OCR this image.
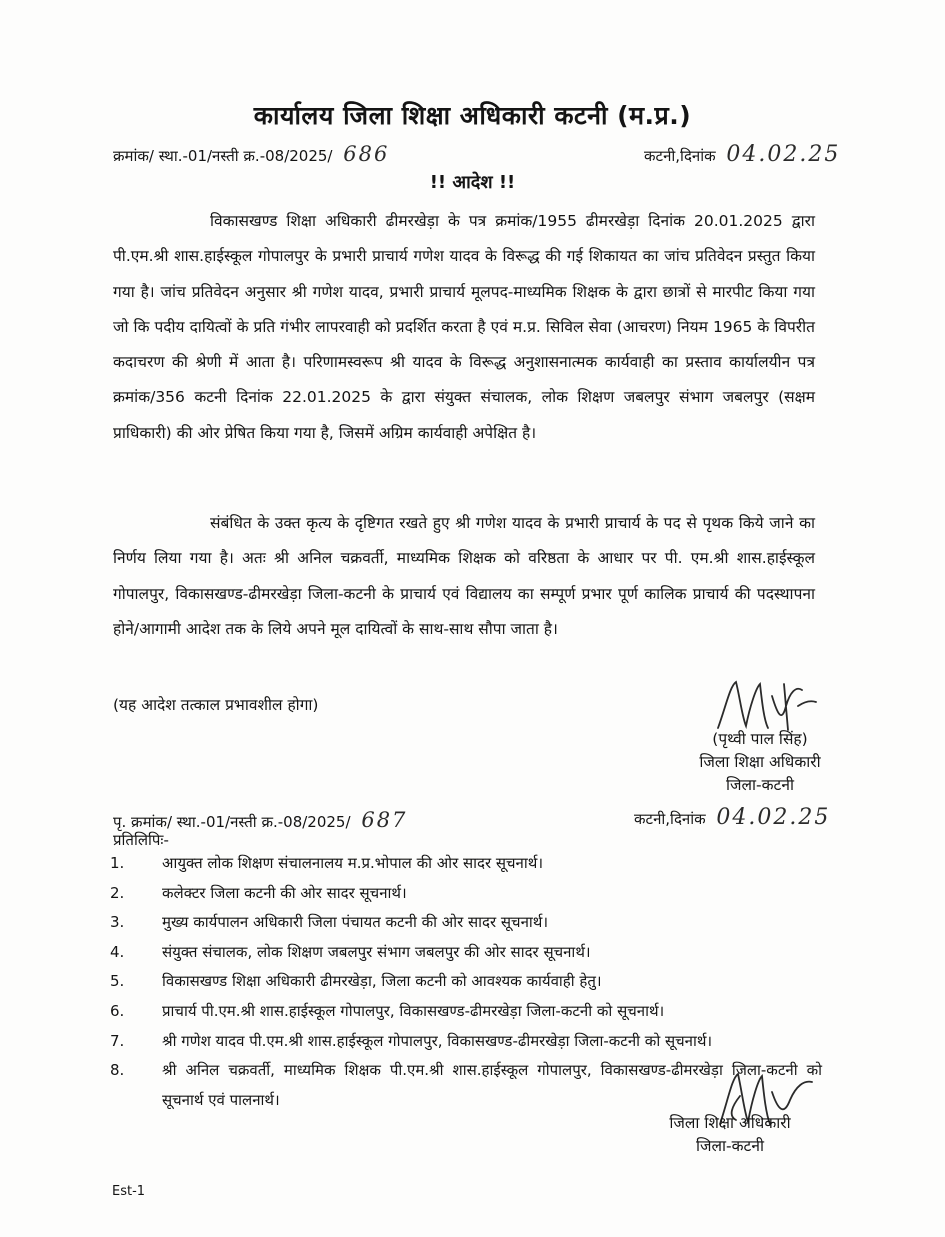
कार्यालय जिला शिक्षा अधिकारी कटनी (म.प्र.)
क्रमांक/ स्था.-01/नस्ती क्र.-08/2025/ 686	कटनी,दिनांक 04.02.25
!! आदेश !!
विकासखण्ड शिक्षा अधिकारी ढीमरखेड़ा के पत्र क्रमांक/1955 ढीमरखेड़ा दिनांक 20.01.2025 द्वारा पी.एम.श्री शास.हाईस्कूल गोपालपुर के प्रभारी प्राचार्य गणेश यादव के विरूद्ध की गई शिकायत का जांच प्रतिवेदन प्रस्तुत किया गया है। जांच प्रतिवेदन अनुसार श्री गणेश यादव, प्रभारी प्राचार्य मूलपद-माध्यमिक शिक्षक के द्वारा छात्रों से मारपीट किया गया जो कि पदीय दायित्वों के प्रति गंभीर लापरवाही को प्रदर्शित करता है एवं म.प्र. सिविल सेवा (आचरण) नियम 1965 के विपरीत कदाचरण की श्रेणी में आता है। परिणामस्वरूप श्री यादव के विरूद्ध अनुशासनात्मक कार्यवाही का प्रस्ताव कार्यालयीन पत्र क्रमांक/356 कटनी दिनांक 22.01.2025 के द्वारा संयुक्त संचालक, लोक शिक्षण जबलपुर संभाग जबलपुर (सक्षम प्राधिकारी) की ओर प्रेषित किया गया है, जिसमें अग्रिम कार्यवाही अपेक्षित है।
संबंधित के उक्त कृत्य के दृष्टिगत रखते हुए श्री गणेश यादव के प्रभारी प्राचार्य के पद से पृथक किये जाने का निर्णय लिया गया है। अतः श्री अनिल चक्रवर्ती, माध्यमिक शिक्षक को वरिष्ठता के आधार पर पी. एम.श्री शास.हाईस्कूल गोपालपुर, विकासखण्ड-ढीमरखेड़ा जिला-कटनी के प्राचार्य एवं विद्यालय का सम्पूर्ण प्रभार पूर्ण कालिक प्राचार्य की पदस्थापना होने/आगामी आदेश तक के लिये अपने मूल दायित्वों के साथ-साथ सौपा जाता है।
(यह आदेश तत्काल प्रभावशील होगा)
(पृथ्वी पाल सिंह)
जिला शिक्षा अधिकारी
जिला-कटनी
पृ. क्रमांक/ स्था.-01/नस्ती क्र.-08/2025/ 687	कटनी,दिनांक 04.02.25
प्रतिलिपिः-
1.	आयुक्त लोक शिक्षण संचालनालय म.प्र.भोपाल की ओर सादर सूचनार्थ।
2.	कलेक्टर जिला कटनी की ओर सादर सूचनार्थ।
3.	मुख्य कार्यपालन अधिकारी जिला पंचायत कटनी की ओर सादर सूचनार्थ।
4.	संयुक्त संचालक, लोक शिक्षण जबलपुर संभाग जबलपुर की ओर सादर सूचनार्थ।
5.	विकासखण्ड शिक्षा अधिकारी ढीमरखेड़ा, जिला कटनी को आवश्यक कार्यवाही हेतु।
6.	प्राचार्य पी.एम.श्री शास.हाईस्कूल गोपालपुर, विकासखण्ड-ढीमरखेड़ा जिला-कटनी को सूचनार्थ।
7.	श्री गणेश यादव पी.एम.श्री शास.हाईस्कूल गोपालपुर, विकासखण्ड-ढीमरखेड़ा जिला-कटनी को सूचनार्थ।
8.	श्री अनिल चक्रवर्ती, माध्यमिक शिक्षक पी.एम.श्री शास.हाईस्कूल गोपालपुर, विकासखण्ड-ढीमरखेड़ा जिला-कटनी को सूचनार्थ एवं पालनार्थ।
जिला शिक्षा अधिकारी
जिला-कटनी
Est-1
